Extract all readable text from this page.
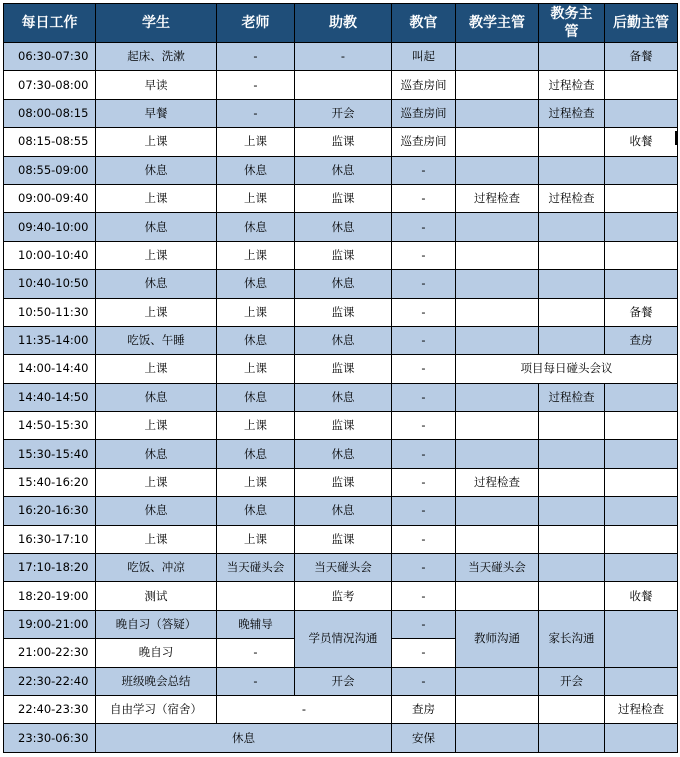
每日工作	学生	老师	助教	教官	教学主管	教务主管	后勤主管
06:30-07:30	起床、洗漱	-	-	叫起			备餐
07:30-08:00	早读	-		巡查房间		过程检查	
08:00-08:15	早餐	-	开会	巡查房间		过程检查	
08:15-08:55	上课	上课	监课	巡查房间			收餐
08:55-09:00	休息	休息	休息	-			
09:00-09:40	上课	上课	监课	-	过程检查	过程检查	
09:40-10:00	休息	休息	休息	-			
10:00-10:40	上课	上课	监课	-			
10:40-10:50	休息	休息	休息	-			
10:50-11:30	上课	上课	监课	-			备餐
11:35-14:00	吃饭、午睡	休息	休息	-			查房
14:00-14:40	上课	上课	监课	-	项目每日碰头会议		
14:40-14:50	休息	休息	休息	-		过程检查	
14:50-15:30	上课	上课	监课	-			
15:30-15:40	休息	休息	休息	-			
15:40-16:20	上课	上课	监课	-	过程检查		
16:20-16:30	休息	休息	休息	-			
16:30-17:10	上课	上课	监课	-			
17:10-18:20	吃饭、冲凉	当天碰头会	当天碰头会	-	当天碰头会		
18:20-19:00	测试		监考	-			收餐
19:00-21:00	晚自习（答疑）	晚辅导	学员情况沟通	-	教师沟通	家长沟通	
21:00-22:30	晚自习	-		-			
22:30-22:40	班级晚会总结	-	开会	-		开会	
22:40-23:30	自由学习（宿舍）	-		查房			过程检查
23:30-06:30	休息			安保			
